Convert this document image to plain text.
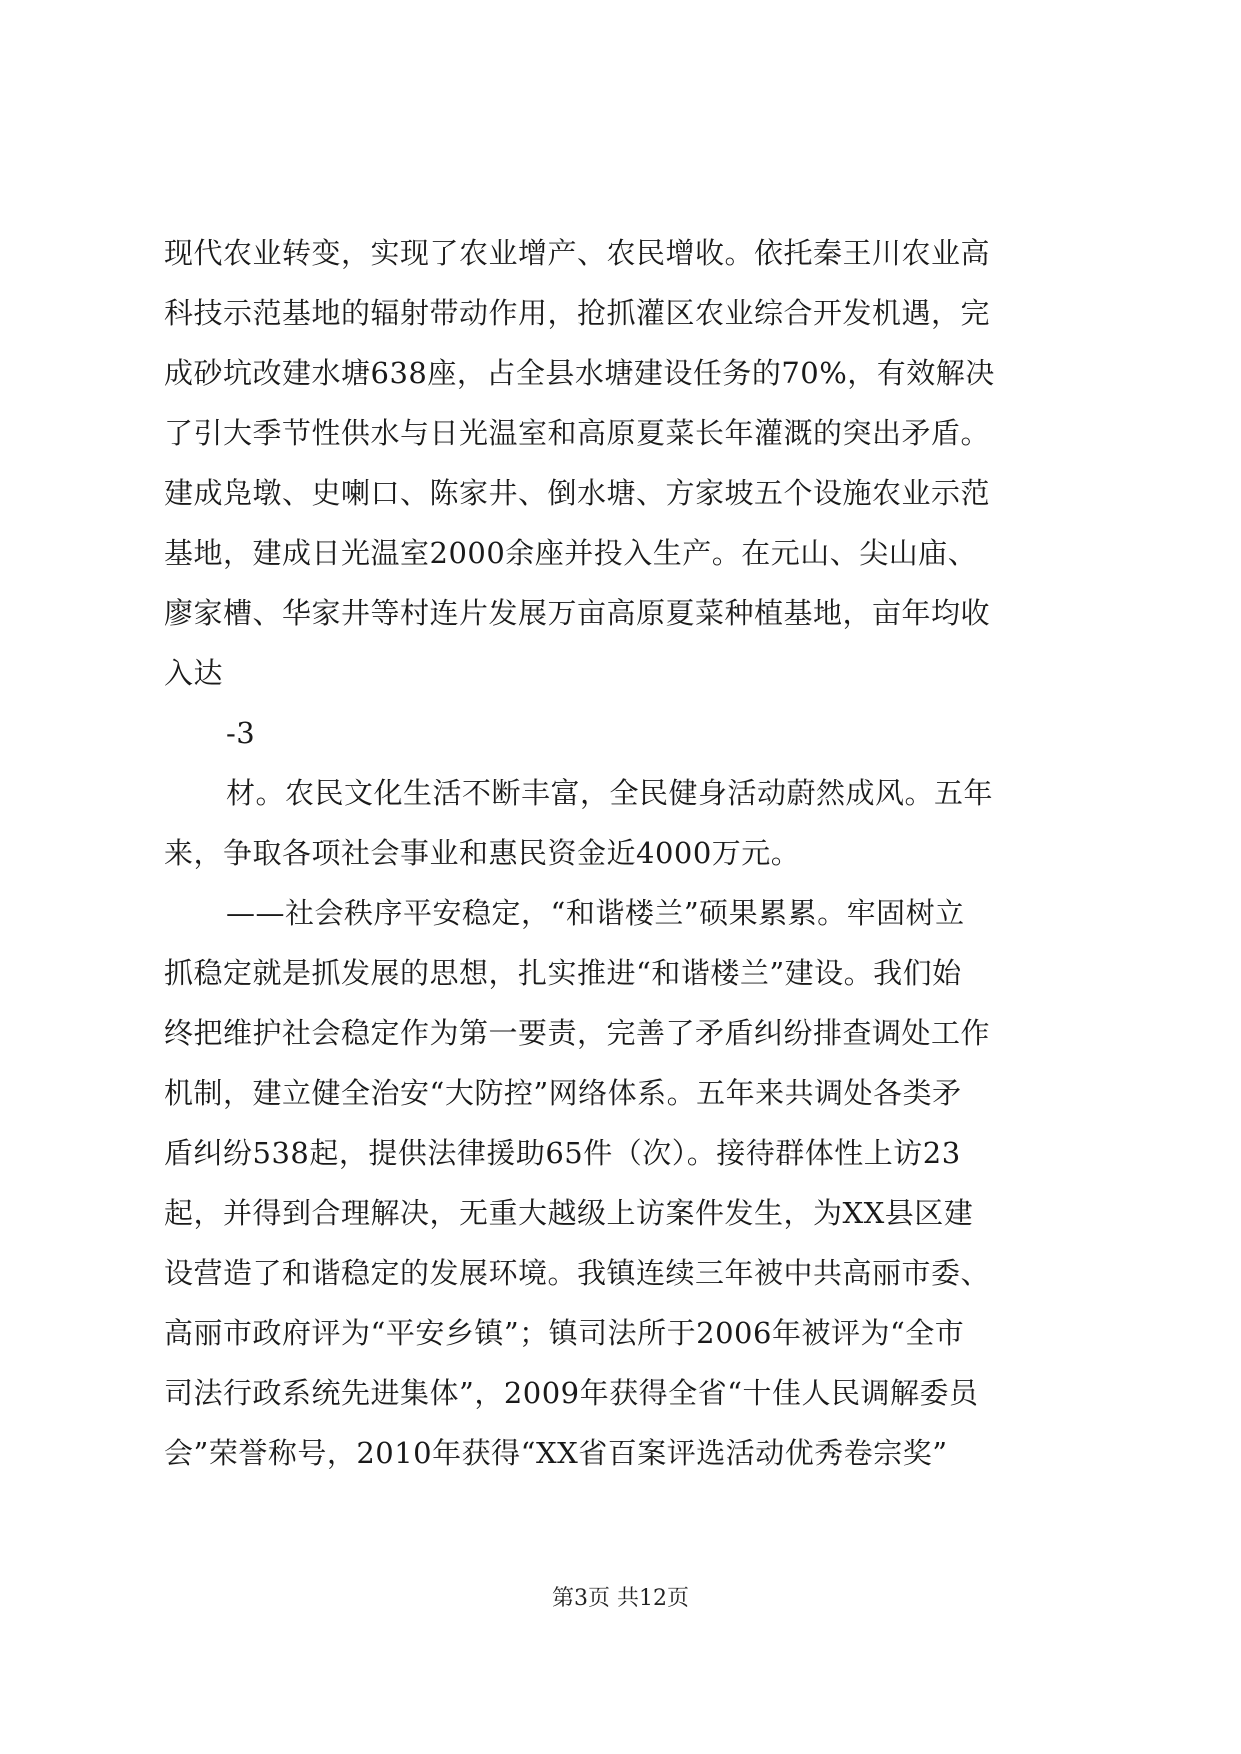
现代农业转变，实现了农业增产、农民增收。依托秦王川农业高
科技示范基地的辐射带动作用，抢抓灌区农业综合开发机遇，完
成砂坑改建水塘638座，占全县水塘建设任务的70%，有效解决
了引大季节性供水与日光温室和高原夏菜长年灌溉的突出矛盾。
建成凫墩、史喇口、陈家井、倒水塘、方家坡五个设施农业示范
基地，建成日光温室2000余座并投入生产。在元山、尖山庙、
廖家槽、华家井等村连片发展万亩高原夏菜种植基地，亩年均收
入达
-3
材。农民文化生活不断丰富，全民健身活动蔚然成风。五年
来，争取各项社会事业和惠民资金近4000万元。
——社会秩序平安稳定，“和谐楼兰”硕果累累。牢固树立
抓稳定就是抓发展的思想，扎实推进“和谐楼兰”建设。我们始
终把维护社会稳定作为第一要责，完善了矛盾纠纷排查调处工作
机制，建立健全治安“大防控”网络体系。五年来共调处各类矛
盾纠纷538起，提供法律援助65件（次）。接待群体性上访23
起，并得到合理解决，无重大越级上访案件发生，为XX县区建
设营造了和谐稳定的发展环境。我镇连续三年被中共高丽市委、
高丽市政府评为“平安乡镇”；镇司法所于2006年被评为“全市
司法行政系统先进集体”，2009年获得全省“十佳人民调解委员
会”荣誉称号，2010年获得“XX省百案评选活动优秀卷宗奖”
第3页 共12页
